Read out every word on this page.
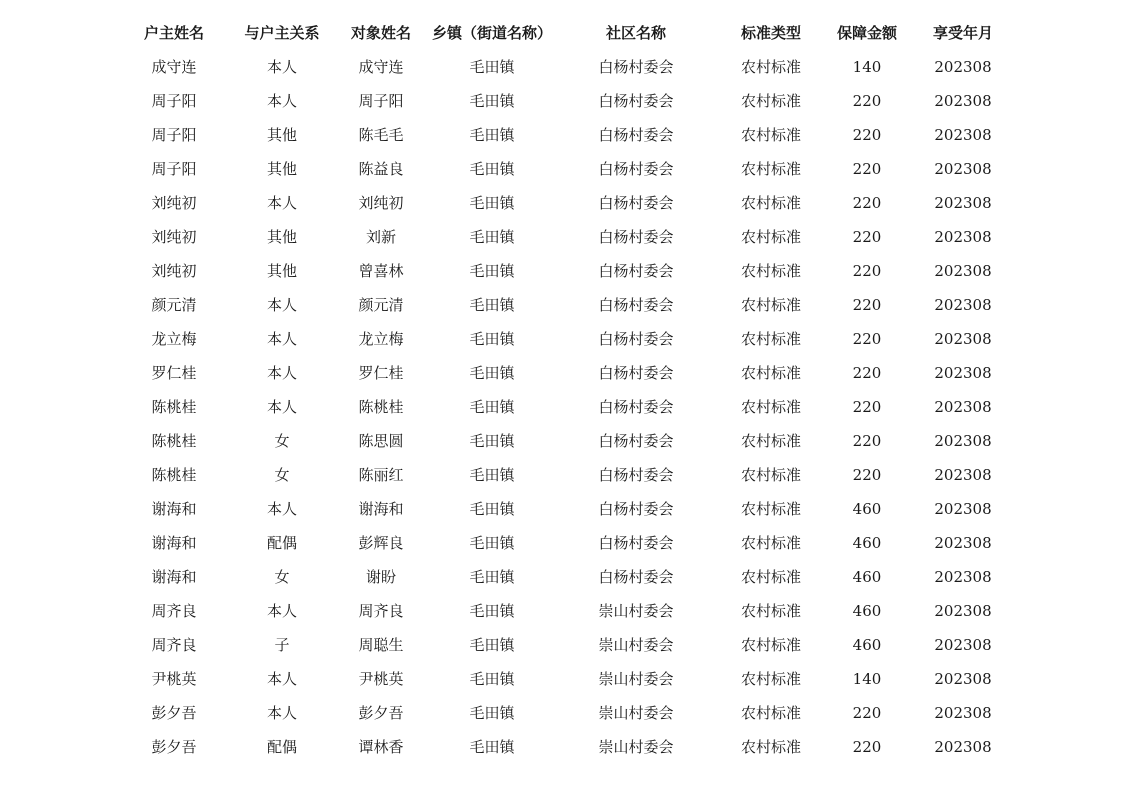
户主姓名	与户主关系	对象姓名	乡镇（街道名称）	社区名称	标准类型	保障金额	享受年月
成守连	本人	成守连	毛田镇	白杨村委会	农村标准	140	202308
周子阳	本人	周子阳	毛田镇	白杨村委会	农村标准	220	202308
周子阳	其他	陈毛毛	毛田镇	白杨村委会	农村标准	220	202308
周子阳	其他	陈益良	毛田镇	白杨村委会	农村标准	220	202308
刘纯初	本人	刘纯初	毛田镇	白杨村委会	农村标准	220	202308
刘纯初	其他	刘新	毛田镇	白杨村委会	农村标准	220	202308
刘纯初	其他	曾喜林	毛田镇	白杨村委会	农村标准	220	202308
颜元清	本人	颜元清	毛田镇	白杨村委会	农村标准	220	202308
龙立梅	本人	龙立梅	毛田镇	白杨村委会	农村标准	220	202308
罗仁桂	本人	罗仁桂	毛田镇	白杨村委会	农村标准	220	202308
陈桃桂	本人	陈桃桂	毛田镇	白杨村委会	农村标准	220	202308
陈桃桂	女	陈思圆	毛田镇	白杨村委会	农村标准	220	202308
陈桃桂	女	陈丽红	毛田镇	白杨村委会	农村标准	220	202308
谢海和	本人	谢海和	毛田镇	白杨村委会	农村标准	460	202308
谢海和	配偶	彭辉良	毛田镇	白杨村委会	农村标准	460	202308
谢海和	女	谢盼	毛田镇	白杨村委会	农村标准	460	202308
周齐良	本人	周齐良	毛田镇	崇山村委会	农村标准	460	202308
周齐良	子	周聪生	毛田镇	崇山村委会	农村标准	460	202308
尹桃英	本人	尹桃英	毛田镇	崇山村委会	农村标准	140	202308
彭夕吾	本人	彭夕吾	毛田镇	崇山村委会	农村标准	220	202308
彭夕吾	配偶	谭林香	毛田镇	崇山村委会	农村标准	220	202308
